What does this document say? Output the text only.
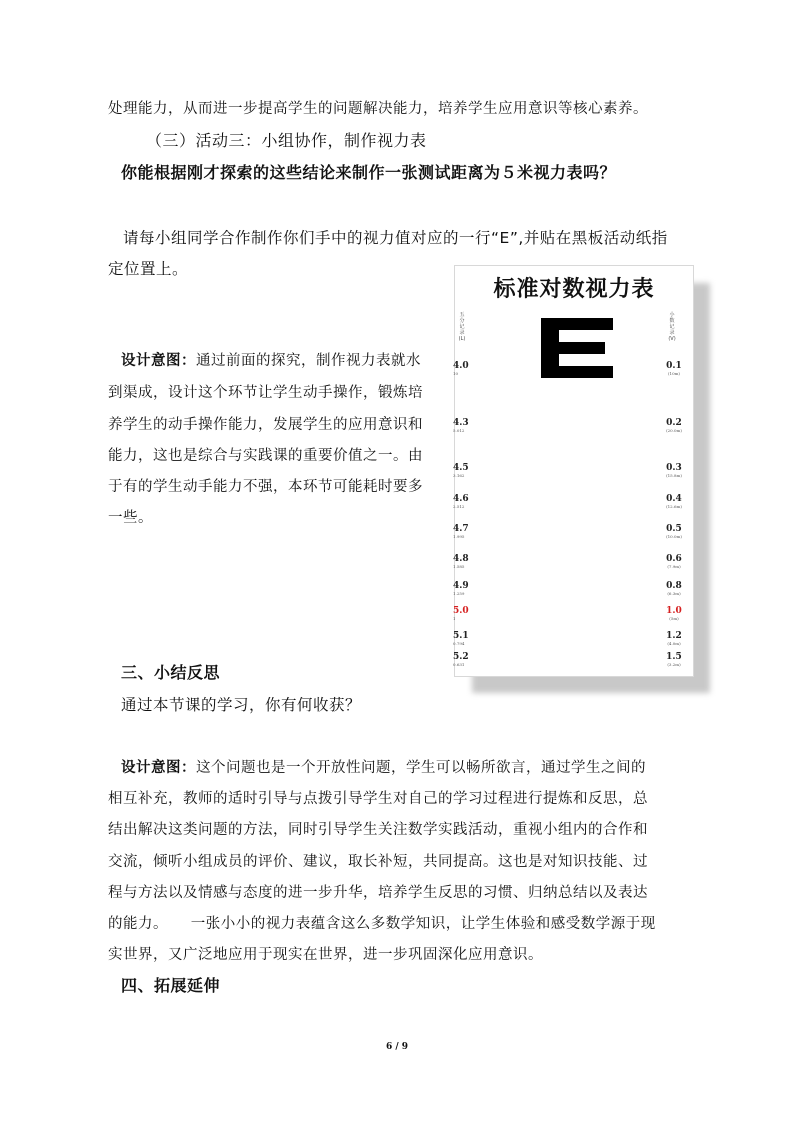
处理能力，从而进一步提高学生的问题解决能力，培养学生应用意识等核心素养。
（三）活动三：小组协作，制作视力表
你能根据刚才探索的这些结论来制作一张测试距离为５米视力表吗？
请每小组同学合作制作你们手中的视力值对应的一行“E”,并贴在黑板活动纸指
定位置上。
设计意图：通过前面的探究，制作视力表就水
到渠成，设计这个环节让学生动手操作，锻炼培
养学生的动手操作能力，发展学生的应用意识和
能力，这也是综合与实践课的重要价值之一。由
于有的学生动手能力不强，本环节可能耗时要多
一些。
标准对数视力表
五
分
记
录
(L)
小
数
记
录
(V)
4.0
10
0.1
(10m)
4.3
5.012
0.2
(20.0m)
4.5
3.162
0.3
(15.8m)
4.6
2.512
0.4
(12.6m)
4.7
1.995
0.5
(10.0m)
4.8
1.585
0.6
(7.9m)
4.9
1.259
0.8
(6.3m)
5.0
1
1.0
(5m)
5.1
0.794
1.2
(4.0m)
5.2
0.631
1.5
(3.2m)
三、小结反思
通过本节课的学习，你有何收获？
设计意图：这个问题也是一个开放性问题，学生可以畅所欲言，通过学生之间的
相互补充，教师的适时引导与点拨引导学生对自己的学习过程进行提炼和反思，总
结出解决这类问题的方法，同时引导学生关注数学实践活动，重视小组内的合作和
交流，倾听小组成员的评价、建议，取长补短，共同提高。这也是对知识技能、过
程与方法以及情感与态度的进一步升华，培养学生反思的习惯、归纳总结以及表达
的能力。　　一张小小的视力表蕴含这么多数学知识，让学生体验和感受数学源于现
实世界，又广泛地应用于现实在世界，进一步巩固深化应用意识。
四、拓展延伸
6 / 9
